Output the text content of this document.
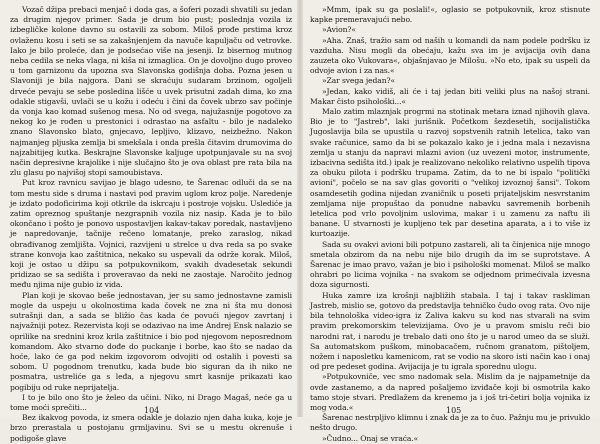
Vozač džipa prebaci menjač i doda gas, a šoferi pozadi shvatili su jedan za drugim njegov primer. Sada je drum bio pust; poslednja vozila iz izbegličke kolone davno su ostavili za sobom. Miloš prođe prstima kroz ovlaženu kosu i seti se sa zakašnjenjem da navuče kapuljaču od vetrovke. Iako je bilo proleće, dan je podsećao više na jesenji. Iz bisernog mutnog neba cedila se neka vlaga, ni kiša ni izmaglica. On je dovoljno dugo proveo u tom garnizonu da upozna sva Slavonska godišnja doba. Pozna jesen u Slavoniji je bila najgora. Dani se skraćuju sudaram brzinom, ogoljeli drveće pevaju se sebe posledina lišće u uvek prisutni zadah dima, ko zna odakle stigavši, uvlači se u kožu i odeću i čini da čovek ubrzo sav počinje da vonja kao komad sušenog mesa. No od svega, najužasnije pogotovo za nekog ko je rođen u prestonici i odrastao na asfaltu - bilo je nadaleko znano Slavonsko blato, gnjecavo, lepljivo, klizavo, neizbežno. Nakon najmanjeg pljuska zemlja bi smekšala i onda prešla čitavim drumovima do najzabitijeg kutka. Beskrajne Slavonske kaljuge upotpunjavale su na svoj način depresivne krajolike i nije slučajno što je ova oblast pre rata bila na zlu glasu po najvišoj stopi samoubistava.

Put kroz ravnicu savijao je blago udesno, te Šarenac odluči da se na tom mestu side s druma i nastavi pod pravim uglom kroz polje. Naredenje je izdato podoficirima koji otkrile da iskrcaju i postroje vojsku. Uslediće ja zatim opreznog spuštanje nezgrapnih vozila niz nasip. Kada je to bilo okončano i pošto je ponovo uspostavljen kakav-takav poredak, nastavljeno je napredovanje, tačnije rečeno lomatanje, preko zaraslog, nikad obrađivanog zemljišta. Vojnici, razvijeni u strelce u dva reda sa po svake strane konvoja kao zaštitnica, nekako su uspevali da održe korak. Miloš, koji je ostao u džipu sa potpukovnikom, svakih dvadesetak sekundi pridizao se sa sedišta i proveravao da neki ne zaostaje. Naročito jednog među njima nije gubio iz vida.

Plan koji je skovao beše jednostavan, jer su samo jednostavne zamisli mogle da uspeju u okolnostima kada čovek ne zna ni šta mu donosi sutrašnji dan, a sada se bližio čas kada će povući njegov zavrtanj i najvažniji potez. Rezervista koji se odazivao na ime Andrej Ensk nalazio se oprilike na srednini kroz krila zaštitnice i bio pod njegovom neposrednom komandom. Ako stvarno dođe do puckanje i borbe, kao što se nadao da hoće, lako će ga pod nekim izgovorom odvojiti od ostalih i povesti sa sobom. U pogodnom trenutku, kada bude bio siguran da ih niko ne posmatra, ustreliće ga s leđa, a njegovu smrt kasnije prikazati kao pogibiju od ruke neprijatelja.

I to je bilo ono što je želeo da učini. Niko, ni Drago Magaš, neće ga u tome moći sprečiti...

Bez ikakvog povoda, iz smera odakle je dolazio njen daha kuka, koje je brzo prerastala u postojanu grmljavinu. Svi se u mestu okrenuše i podigoše glave

104

»Mmm, ipak su ga poslali!«, oglasio se potpukovnik, kroz stisnute kapke premeravajući nebo.

»Avion?«

»Aha. Znaš, tražio sam od naših u komandi da nam podele podršku iz vazduha. Nisu mogli da obećaju, kažu sva im je avijacija ovih dana zauzeta oko Vukovara«, objašnjavao je Milošu. »No eto, ipak su uspeli da odvoje avion i za nas.«

»Zar svega jedan?«

»Jedan, kako vidiš, ali će i taj jedan biti veliki plus na našoj strani. Makar čisto psihološki...«

Malo zatim mlaznjak progrmi na stotinak metara iznad njihovih glava. Bio je to "Jastreb", laki jurišnik. Početkom šezdesetih, socijalistička Jugoslavija bila se upustila u razvoj sopstvenih ratnih letelica, tako van svake računice, samo da bi se pokazalo kako je i jedna mala i nezavisna zemlja u stanju da napravi mlazni avion (uz uvezeni motor, instrumente, izbacivna sedišta itd.) ipak je realizovano nekoliko relativno uspelih tipova za obuku pilota i podršku trupama. Zatim, da to ne bi ispalo "politički avioni", počelo se na sav glas govoriti o "velikoj izvoznoj šansi". Tokom osamdesetih godina nijedan zvaničnik u poseti prijateljskim nesvrstanim zemljama nije propuštao da ponudne nabavku savremenih borbenih letelica pod vrlo povoljnim uslovima, makar i u zamenu za naftu ili banane. U stvarnosti je kupljeno tek par desetina aparata, a i to više iz kurtoazije.

Sada su ovakvi avioni bili potpuno zastareli, ali ta činjenica nije mnogo smetala obzirom da na nebu nije bilo drugih da im se suprotstave. A Šarenac je imao pravo, važan je bio i psihološki momenat. Miloš se malko ohrabri po licima vojnika - na svakom se odjednom primećivala izvesna doza sigurnosti.

Huka zamre iza krošnji najbližih stabala. I taj i takav raskliman Jastreb, mislio se, gotovo da predstavlja tehničko čudo ovog rata. Ovo nije bila tehnološka video-igra iz Zaliva kakvu su kod nas stvarali na svim pravim prekomorskim televizijama. Ovo je u pravom smislu reči bio narodni rat, i narodu je trebalo dati ono što je u narod umeo da se služi. Sa automatskom puškom, minobacačem, ručnom granatom, pištoljem, nožem i naposletku kamenicom, rat se vodio na skoro isti način kao i onaj od pre pedeset godina. Avijacija je tu igrala sporednu ulogu.

»Potpukovniče, vec smo nadomak sela. Mislim da je najpametnije da ovde zastanemo, a da napred pošaljemo izviđače koji bi osmotrila kako tamo stoje stvari. Predlažem da krenemo ja i još tri-četiri bolja vojnika iz mog voda.«

Šarenac nestrpljivo klimnu i znak da je za to čuo. Pažnju mu je privuklo nešto drugo.

»Čudno... Onaj se vraća.«

105
